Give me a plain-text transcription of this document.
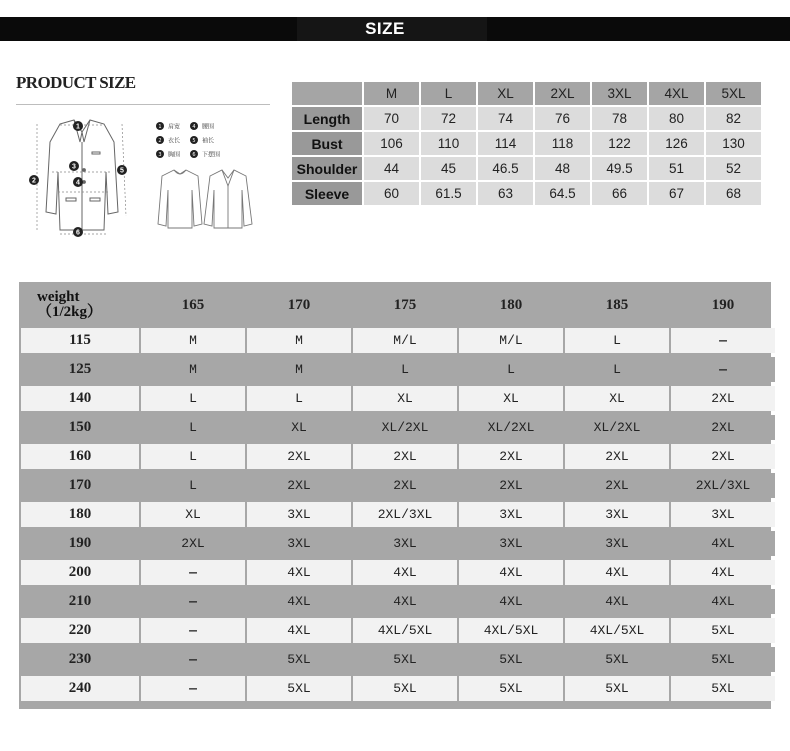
SIZE
PRODUCT SIZE
1
2
3
4
5
6
1 肩宽
2 衣长
3 胸围
4 腰围
5 袖长
6 下摆围
	M	L	XL	2XL	3XL	4XL	5XL
Length	70	72	74	76	78	80	82
Bust	106	110	114	118	122	126	130
Shoulder	44	45	46.5	48	49.5	51	52
Sleeve	60	61.5	63	64.5	66	67	68
weight
（1/2kg）	165	170	175	180	185	190
115	M	M	M/L	M/L	L	—
125	M	M	L	L	L	—
140	L	L	XL	XL	XL	2XL
150	L	XL	XL/2XL	XL/2XL	XL/2XL	2XL
160	L	2XL	2XL	2XL	2XL	2XL
170	L	2XL	2XL	2XL	2XL	2XL/3XL
180	XL	3XL	2XL/3XL	3XL	3XL	3XL
190	2XL	3XL	3XL	3XL	3XL	4XL
200	—	4XL	4XL	4XL	4XL	4XL
210	—	4XL	4XL	4XL	4XL	4XL
220	—	4XL	4XL/5XL	4XL/5XL	4XL/5XL	5XL
230	—	5XL	5XL	5XL	5XL	5XL
240	—	5XL	5XL	5XL	5XL	5XL
